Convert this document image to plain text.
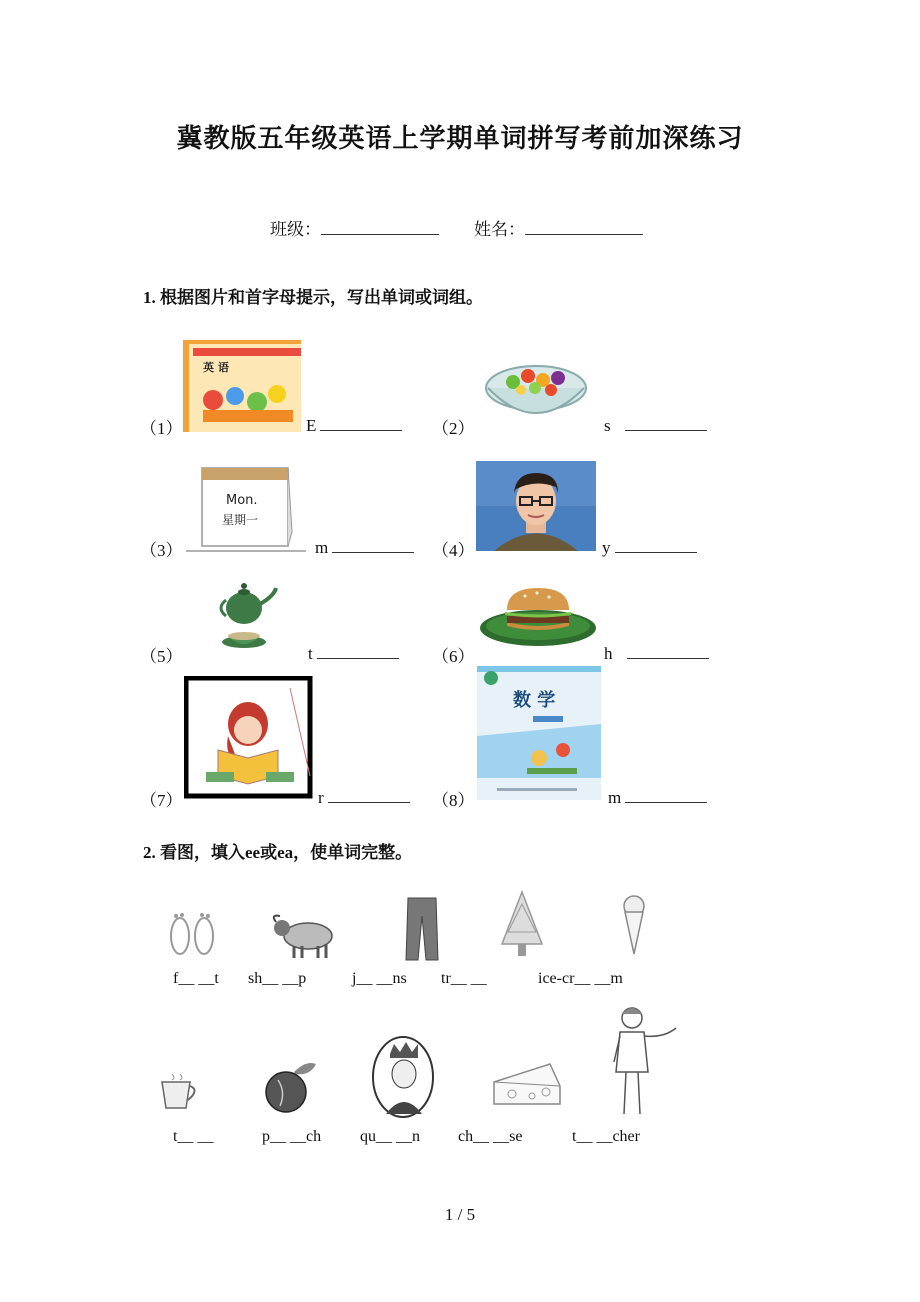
冀教版五年级英语上学期单词拼写考前加深练习
班级：	姓名：
1. 根据图片和首字母提示，写出单词或词组。
英 语
（1）	E	（2）	s
Mon.
星期一
（3）	m	（4）	y
（5）	t	（6）	h
（7）	r
数 学
（8）	m
2. 看图，填入ee或ea，使单词完整。
f__ __t sh__ __p	j__ __ns tr__ __	ice-cr__ __m
t__ __	p__ __ch qu__ __n ch__ __se	t__ __cher
1 / 5
